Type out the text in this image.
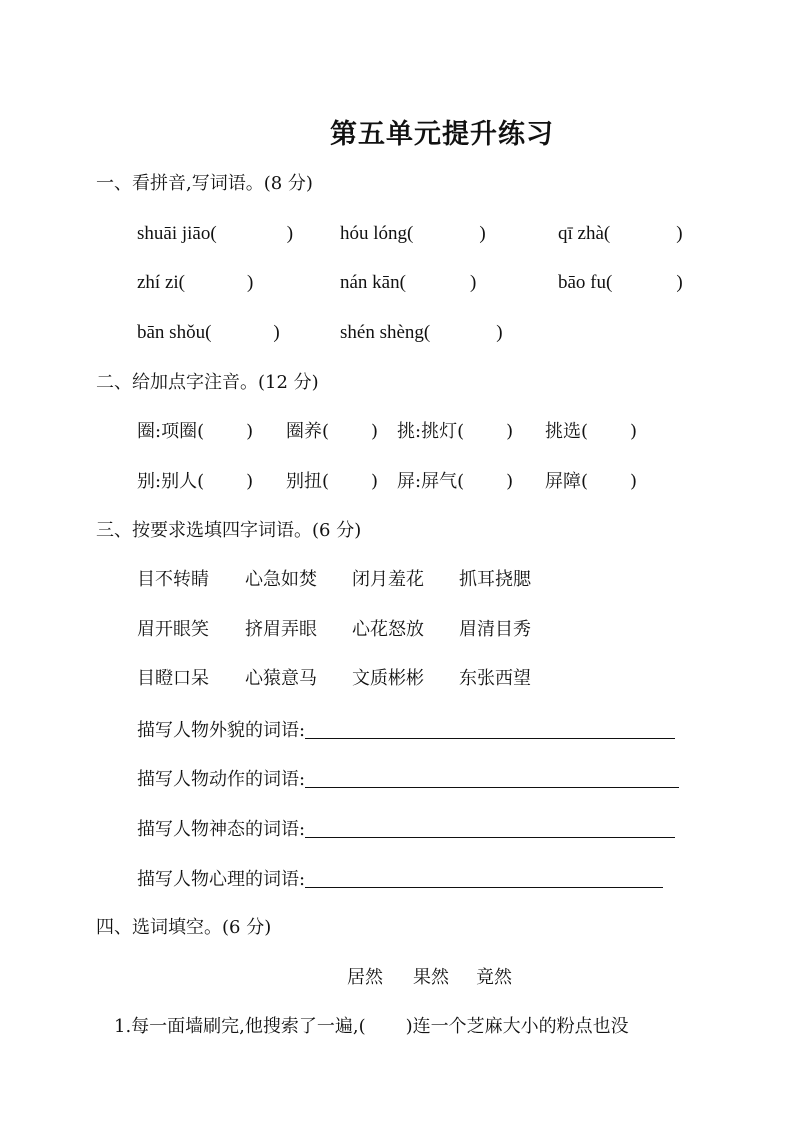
第五单元提升练习
一、看拼音,写词语。(8 分)
shuāi jiāo(	) hóu lóng(	)	qī zhà(	)
zhí zi(	)	nán kān(	)	bāo fu(	)
bān shǒu(	)	shén shèng(	)
二、给加点字注音。(12 分)
圈:项圈( ) 圈养( ) 挑:挑灯( ) 挑选( )
别:别人( ) 别扭( ) 屏:屏气( ) 屏障( )
三、按要求选填四字词语。(6 分)
目不转睛 心急如焚 闭月羞花 抓耳挠腮
眉开眼笑 挤眉弄眼 心花怒放 眉清目秀
目瞪口呆 心猿意马 文质彬彬 东张西望
描写人物外貌的词语:
描写人物动作的词语:
描写人物神态的词语:
描写人物心理的词语:
四、选词填空。(6 分)
居然 果然 竟然
1.每一面墙刷完,他搜索了一遍,( )连一个芝麻大小的粉点也没
